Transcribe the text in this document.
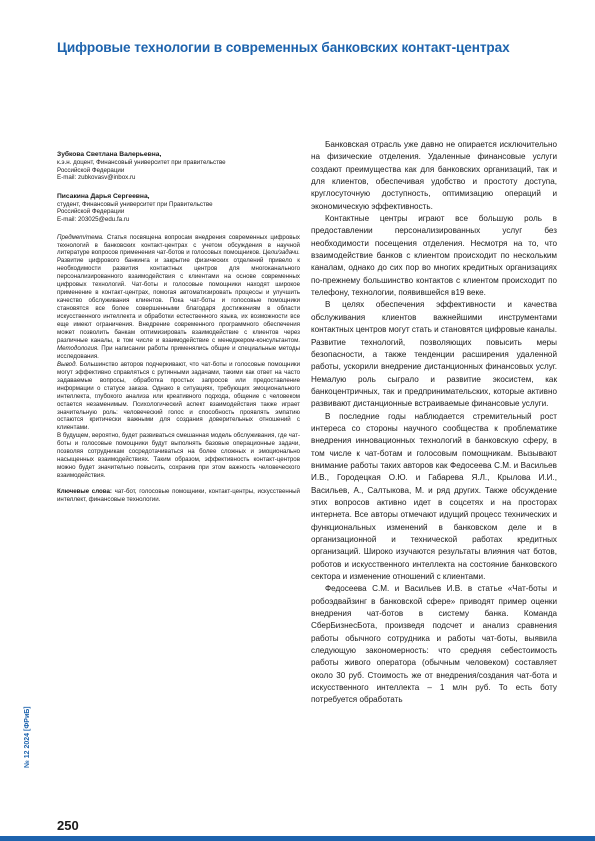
Цифровые технологии в современных банковских контакт-центрах
Зубкова Светлана Валерьевна,
к.э.н. доцент, Финансовый университет при правительстве
Российской Федерации
E-mail: zubkovasv@inbox.ru
Писакина Дарья Сергеевна,
студент, Финансовый университет при Правительстве
Российской Федерации
E-mail: 203025@edu.fa.ru

Предмет/тема. Статья посвящена вопросам внедрения современных цифровых технологий в банковских контакт-центрах с учетом обсуждения в научной литературе вопросов применения чат-ботов и голосовых помощников. Цели/задачи. Развитие цифрового банкинга и закрытие физических отделений привело к необходимости развития контактных центров для многоканального персонализированного взаимодействия с клиентами на основе современных цифровых технологий. Чат-боты и голосовые помощники находят широкое применение в контакт-центрах, помогая автоматизировать процессы и улучшить качество обслуживания клиентов. Пока чат-боты и голосовые помощники становятся все более совершенными благодаря достижениям в области искусственного интеллекта и обработки естественного языка, их возможности все еще имеют ограничения. Внедрение современного программного обеспечения может позволить банкам оптимизировать взаимодействие с клиентов через различные каналы, в том числе и взаимодействие с менеджером-консультантом. Методология. При написании работы применялись общие и специальные методы исследования.

Вывод. Большинство авторов подчеркивают, что чат-боты и голосовые помощники могут эффективно справляться с рутинными задачами, такими как ответ на часто задаваемые вопросы, обработка простых запросов или предоставление информации о статусе заказа. Однако в ситуациях, требующих эмоционального интеллекта, глубокого анализа или креативного подхода, общение с человеком остается незаменимым. Психологический аспект взаимодействия также играет значительную роль: человеческий голос и способность проявлять эмпатию остаются критически важными для создания доверительных отношений с клиентами.

В будущем, вероятно, будет развиваться смешанная модель обслуживания, где чат-боты и голосовые помощники будут выполнять базовые операционные задачи, позволяя сотрудникам сосредотачиваться на более сложных и эмоционально насыщенных взаимодействиях. Таким образом, эффективность контакт-центров можно будет значительно повысить, сохранив при этом важность человеческого взаимодействия.

Ключевые слова: чат-бот, голосовые помощники, контакт-центры, искусственный интеллект, финансовые технологии.

Банковская отрасль уже давно не опирается исключительно на физические отделения. Удаленные финансовые услуги создают преимущества как для банковских организаций, так и для клиентов, обеспечивая удобство и простоту доступа, круглосуточную доступность, оптимизацию операций и экономическую эффективность.

Контактные центры играют все большую роль в предоставлении персонализированных услуг без необходимости посещения отделения. Несмотря на то, что взаимодействие банков с клиентом происходит по нескольким каналам, однако до сих пор во многих кредитных организациях по-прежнему большинство контактов с клиентом происходит по телефону, технологии, появившейся в19 веке.

В целях обеспечения эффективности и качества обслуживания клиентов важнейшими инструментами контактных центров могут стать и становятся цифровые каналы. Развитие технологий, позволяющих повысить меры безопасности, а также тенденции расширения удаленной работы, ускорили внедрение дистанционных финансовых услуг. Немалую роль сыграло и развитие экосистем, как банкоцентричных, так и предпринимательских, которые активно развивают дистанционные встраиваемые финансовые услуги.

В последние годы наблюдается стремительный рост интереса со стороны научного сообщества к проблематике внедрения инновационных технологий в банковскую сферу, в том числе к чат-ботам и голосовым помощникам. Вызывают внимание работы таких авторов как Федосеева С.М. и Васильев И.В., Городецкая О.Ю. и Габарева Я.Л., Крылова И.И., Васильев, А., Салтыкова, М. и ряд других. Также обсуждение этих вопросов активно идет в соцсетях и на просторах интернета. Все авторы отмечают идущий процесс технических и функциональных изменений в банковском деле и в организационной и технической работах кредитных организаций. Широко изучаются результаты влияния чат ботов, роботов и искусственного интеллекта на состояние банковского сектора и изменение отношений с клиентами.

Федосеева С.М. и Васильев И.В. в статье «Чат-боты и робоэдвайзинг в банковской сфере» приводят пример оценки внедрения чат-ботов в систему банка. Команда СберБизнесБота, произведя подсчет и анализ сравнения работы обычного сотрудника и работы чат-боты, выявила следующую закономерность: что средняя себестоимость работы живого оператора (обычным человеком) составляет около 30 руб. Стоимость же от внедрения/создания чат-бота и искусственного интеллекта – 1 млн руб. То есть боту потребуется обработать

№ 12 2024 [ФРиБ]
250
